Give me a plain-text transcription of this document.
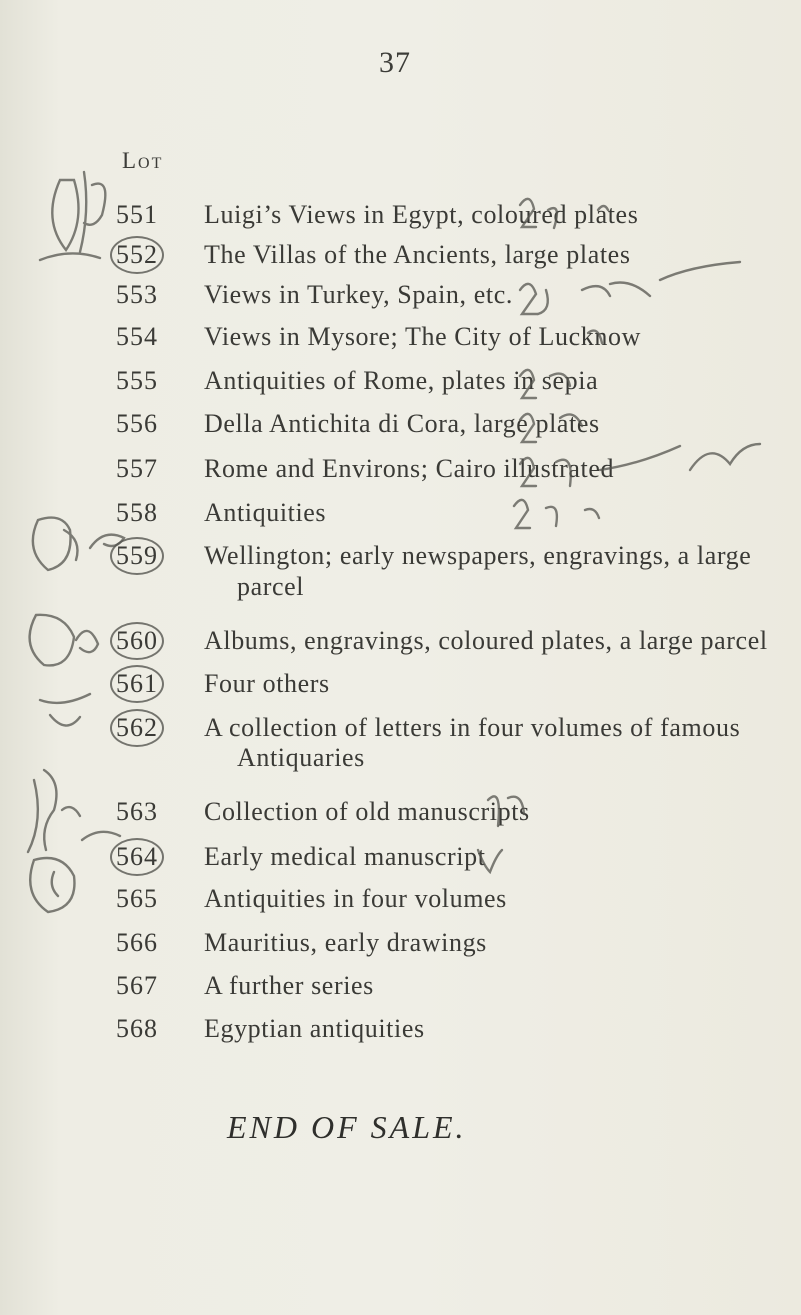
37
Lot
551	Luigi’s Views in Egypt, coloured plates
552	The Villas of the Ancients, large plates
553	Views in Turkey, Spain, etc.
554	Views in Mysore; The City of Lucknow
555	Antiquities of Rome, plates in sepia
556	Della Antichita di Cora, large plates
557	Rome and Environs; Cairo illustrated
558	Antiquities
559	Wellington; early newspapers, engravings, a large
parcel
560	Albums, engravings, coloured plates, a large parcel
561	Four others
562	A collection of letters in four volumes of famous
Antiquaries
563	Collection of old manuscripts
564	Early medical manuscript
565	Antiquities in four volumes
566	Mauritius, early drawings
567	A further series
568	Egyptian antiquities
END OF SALE.
